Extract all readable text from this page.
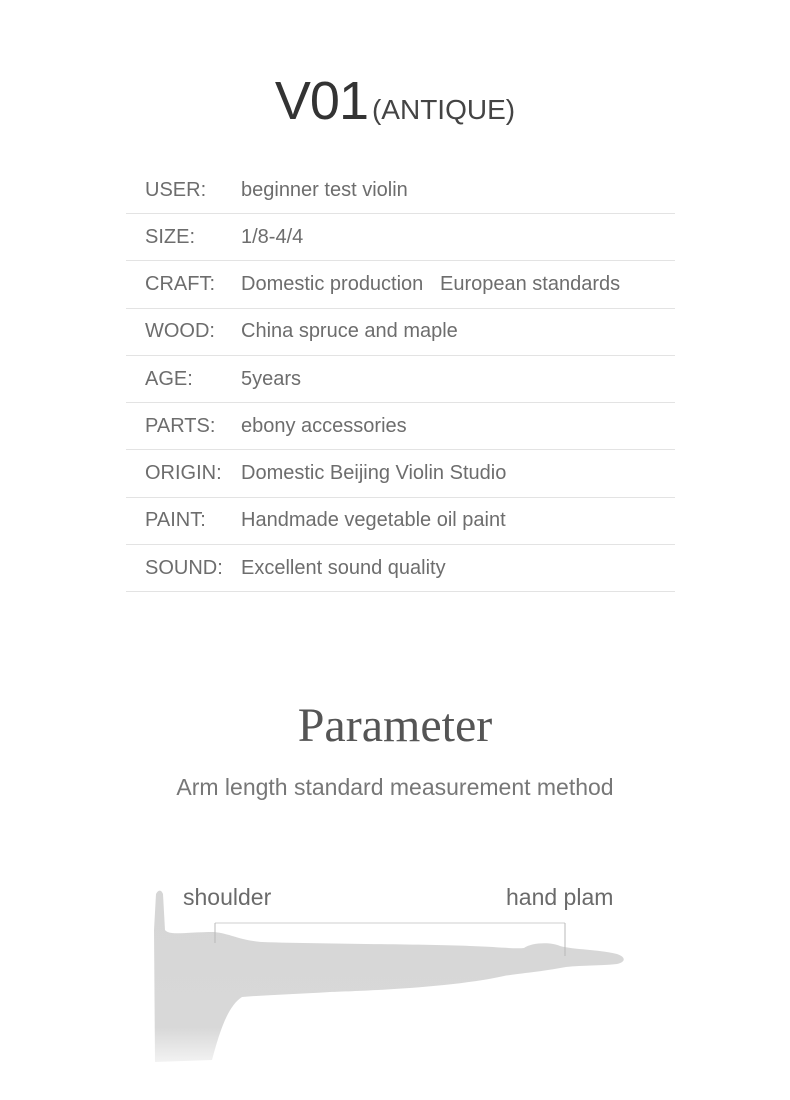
V01 (ANTIQUE)
USER:	beginner test violin
SIZE:	1/8-4/4
CRAFT:	Domestic production   European standards
WOOD:	China spruce and maple
AGE:	5years
PARTS:	ebony accessories
ORIGIN: Domestic Beijing Violin Studio
PAINT:	Handmade vegetable oil paint
SOUND: Excellent sound quality
Parameter
Arm length standard measurement method
shoulder	hand plam
